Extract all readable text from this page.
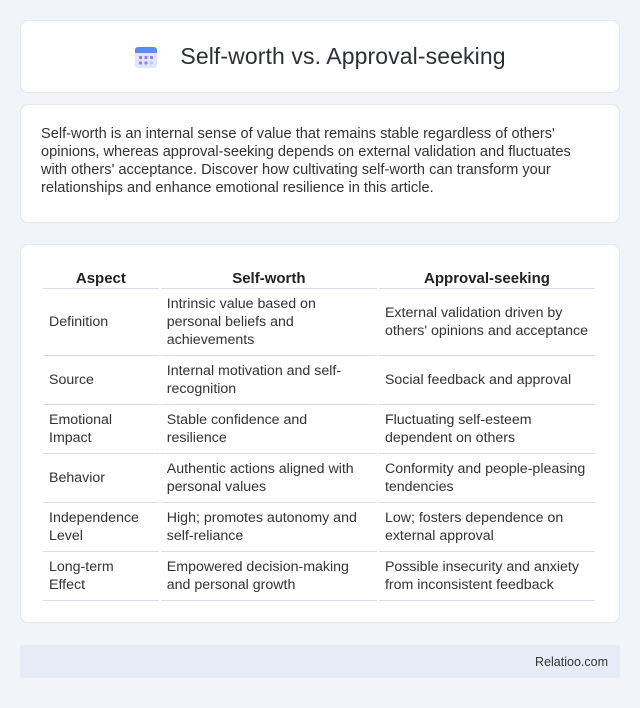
Self-worth vs. Approval-seeking

Self-worth is an internal sense of value that remains stable regardless of others' opinions, whereas approval-seeking depends on external validation and fluctuates with others' acceptance. Discover how cultivating self-worth can transform your relationships and enhance emotional resilience in this article.

Aspect	Self-worth	Approval-seeking
Definition	Intrinsic value based on personal beliefs and achievements	External validation driven by others' opinions and acceptance
Source	Internal motivation and self-recognition	Social feedback and approval
Emotional Impact	Stable confidence and resilience	Fluctuating self-esteem dependent on others
Behavior	Authentic actions aligned with personal values	Conformity and people-pleasing tendencies
Independence Level	High; promotes autonomy and self-reliance	Low; fosters dependence on external approval
Long-term Effect	Empowered decision-making and personal growth	Possible insecurity and anxiety from inconsistent feedback
Relatioo.com
